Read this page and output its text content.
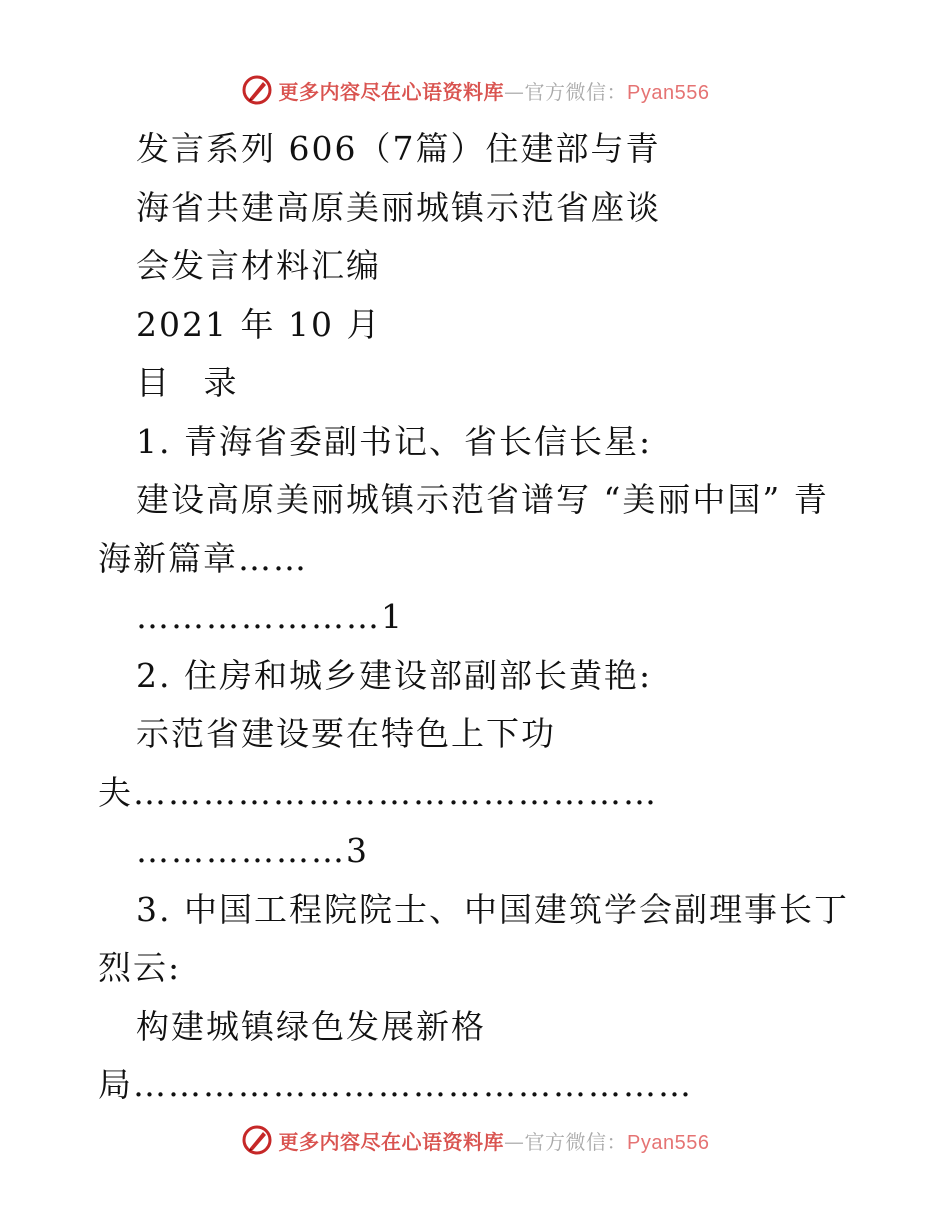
更多内容尽在心语资料库—官方微信：Pyan556
发言系列 606（7篇）住建部与青
海省共建高原美丽城镇示范省座谈
会发言材料汇编
2021 年 10 月
目 录
1. 青海省委副书记、省长信长星:
建设高原美丽城镇示范省谱写 “美丽中国” 青海新篇章……
…………………1
2. 住房和城乡建设部副部长黄艳:
示范省建设要在特色上下功
夫………………………………………
………………3
3. 中国工程院院士、中国建筑学会副理事长丁烈云:
构建城镇绿色发展新格
局…………………………………………
更多内容尽在心语资料库—官方微信：Pyan556
